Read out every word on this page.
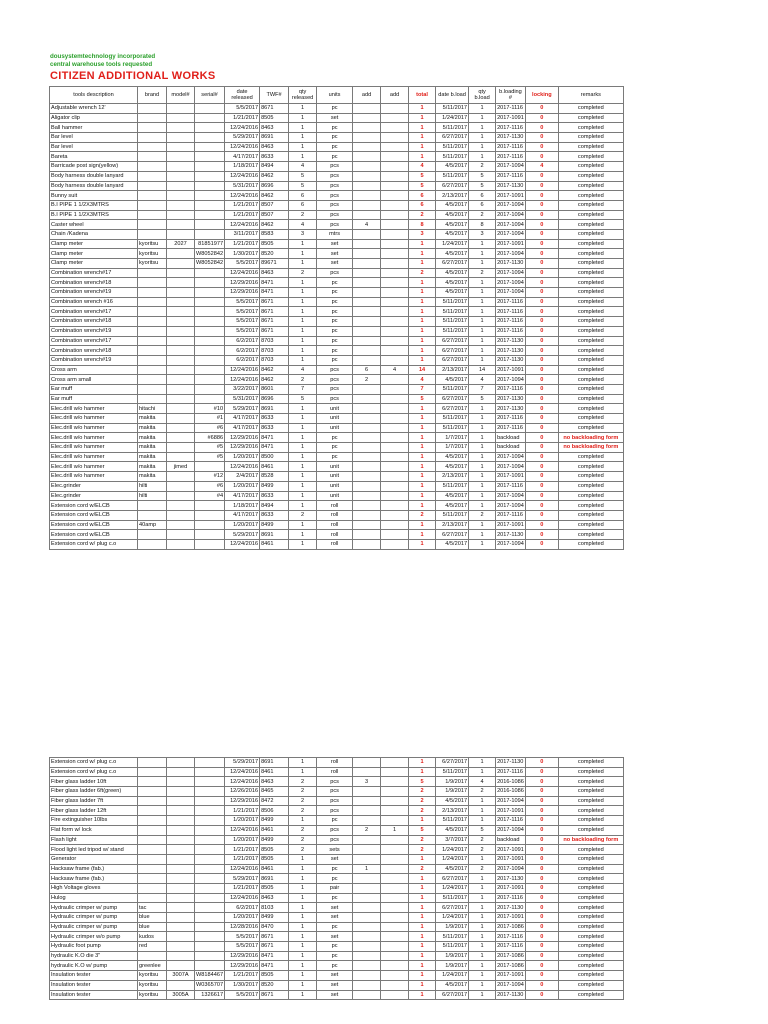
dousystemtechnology incorporated
central warehouse tools requested
CITIZEN ADDITIONAL WORKS
tools description	brand	model#	serial#	date released	TWF#	qty released	units	add	add	total	date b.load	qty b.load	b.loading #	locking	remarks
Adjustable wrench 12'				5/5/2017	8671	1	pc			1	5/11/2017	1	2017-1116	0	completed
Aligator clip				1/21/2017	8505	1	set			1	1/24/2017	1	2017-1091	0	completed
Ball hammer				12/24/2016	8463	1	pc			1	5/11/2017	1	2017-1116	0	completed
Bar level				5/29/2017	8691	1	pc			1	6/27/2017	1	2017-1130	0	completed
Bar level				12/24/2016	8463	1	pc			1	5/11/2017	1	2017-1116	0	completed
Bareta				4/17/2017	8633	1	pc			1	5/11/2017	1	2017-1116	0	completed
Barricade post sign(yellow)				1/18/2017	8494	4	pcs			4	4/5/2017	2	2017-1094	4	completed
Body harness double lanyard				12/24/2016	8462	5	pcs			5	5/11/2017	5	2017-1116	0	completed
Body harness double lanyard				5/31/2017	8696	5	pcs			5	6/27/2017	5	2017-1130	0	completed
Bunny suit				12/24/2016	8462	6	pcs			6	2/13/2017	6	2017-1091	0	completed
B.I PIPE 1 1/2X3MTRS				1/21/2017	8507	6	pcs			6	4/5/2017	6	2017-1094	0	completed
B.I PIPE 1 1/2X3MTRS				1/21/2017	8507	2	pcs			2	4/5/2017	2	2017-1094	0	completed
Caster wheel				12/24/2016	8462	4	pcs	4		8	4/5/2017	8	2017-1094	0	completed
Chain /Kadena				3/11/2017	8583	3	mtrs			3	4/5/2017	3	2017-1094	0	completed
Clamp meter	kyoritsu	2027	81851977	1/21/2017	8505	1	set			1	1/24/2017	1	2017-1091	0	completed
Clamp meter	kyoritsu		W8052842	1/30/2017	8520	1	set			1	4/5/2017	1	2017-1094	0	completed
Clamp meter	kyoritsu		W8052842	5/5/2017	89671	1	set			1	6/27/2017	1	2017-1130	0	completed
Combination wrench#17				12/24/2016	8463	2	pcs			2	4/5/2017	2	2017-1094	0	completed
Combination wrench#18				12/29/2016	8471	1	pc			1	4/5/2017	1	2017-1094	0	completed
Combination wrench#19				12/29/2016	8471	1	pc			1	4/5/2017	1	2017-1094	0	completed
Combination wrench #16				5/5/2017	8671	1	pc			1	5/11/2017	1	2017-1116	0	completed
Combination wrench#17				5/5/2017	8671	1	pc			1	5/11/2017	1	2017-1116	0	completed
Combination wrench#18				5/5/2017	8671	1	pc			1	5/11/2017	1	2017-1116	0	completed
Combination wrench#19				5/5/2017	8671	1	pc			1	5/11/2017	1	2017-1116	0	completed
Combination wrench#17				6/2/2017	8703	1	pc			1	6/27/2017	1	2017-1130	0	completed
Combination wrench#18				6/2/2017	8703	1	pc			1	6/27/2017	1	2017-1130	0	completed
Combination wrench#19				6/2/2017	8703	1	pc			1	6/27/2017	1	2017-1130	0	completed
Cross arm				12/24/2016	8462	4	pcs	6	4	14	2/13/2017	14	2017-1091	0	completed
Cross arm small				12/24/2016	8462	2	pcs	2		4	4/5/2017	4	2017-1094	0	completed
Ear muff				3/22/2017	8601	7	pcs			7	5/11/2017	7	2017-1116	0	completed
Ear muff				5/31/2017	8696	5	pcs			5	6/27/2017	5	2017-1130	0	completed
Elec.drill w/o hammer	hitachi		#10	5/29/2017	8691	1	unit			1	6/27/2017	1	2017-1130	0	completed
Elec.drill w/o hammer	makita		#1	4/17/2017	8633	1	unit			1	5/11/2017	1	2017-1116	0	completed
Elec.drill w/o hammer	makita		#6	4/17/2017	8633	1	unit			1	5/11/2017	1	2017-1116	0	completed
Elec.drill w/o hammer	makita		#6886	12/29/2016	8471	1	pc			1	1/7/2017	1	backload	0	no backloading form
Elec.drill w/o hammer	makita		#5	12/29/2016	8471	1	pc			1	1/7/2017	1	backload	0	no backloading form
Elec.drill w/o hammer	makita		#5	1/20/2017	8500	1	pc			1	4/5/2017	1	2017-1094	0	completed
Elec.drill w/o hammer	makita	jimed		12/24/2016	8461	1	unit			1	4/5/2017	1	2017-1094	0	completed
Elec.drill w/o hammer	makita		#12	2/4/2017	8528	1	unit			1	2/13/2017	1	2017-1091	0	completed
Elec.grinder	hilti		#6	1/20/2017	8499	1	unit			1	5/11/2017	1	2017-1116	0	completed
Elec.grinder	hilti		#4	4/17/2017	8633	1	unit			1	4/5/2017	1	2017-1094	0	completed
Extension cord w/ELCB				1/18/2017	8494	1	roll			1	4/5/2017	1	2017-1094	0	completed
Extension cord w/ELCB				4/17/2017	8633	2	roll			2	5/11/2017	2	2017-1116	0	completed
Extension cord w/ELCB	40amp			1/20/2017	8499	1	roll			1	2/13/2017	1	2017-1091	0	completed
Extension cord w/ELCB				5/29/2017	8691	1	roll			1	6/27/2017	1	2017-1130	0	completed
Extension cord w/ plug c.o				12/24/2016	8461	1	roll			1	4/5/2017	1	2017-1094	0	completed
Extension cord w/ plug c.o				5/29/2017	8691	1	roll			1	6/27/2017	1	2017-1130	0	completed
Extension cord w/ plug c.o				12/24/2016	8461	1	roll			1	5/11/2017	1	2017-1116	0	completed
Fiber glass ladder 10ft				12/24/2016	8463	2	pcs	3		5	1/9/2017	4	2016-1086	0	completed
Fiber glass ladder 6ft(green)				12/26/2016	8465	2	pcs			2	1/9/2017	2	2016-1086	0	completed
Fiber glass ladder 7ft				12/29/2016	8472	2	pcs			2	4/5/2017	1	2017-1094	0	completed
Fiber glass ladder 12ft				1/21/2017	8506	2	pcs			2	2/13/2017	1	2017-1091	0	completed
Fire extinguisher 10lbs				1/20/2017	8499	1	pc			1	5/11/2017	1	2017-1116	0	completed
Flat form w/ lock				12/24/2016	8461	2	pcs	2	1	5	4/5/2017	5	2017-1094	0	completed
Flash light				1/20/2017	8499	2	pcs			2	3/7/2017	2	backload	0	no backloading form
Flood light led tripod w/ stand				1/21/2017	8505	2	sets			2	1/24/2017	2	2017-1091	0	completed
Generator				1/21/2017	8505	1	set			1	1/24/2017	1	2017-1091	0	completed
Hacksaw frame (fab.)				12/24/2016	8461	1	pc	1		2	4/5/2017	2	2017-1094	0	completed
Hacksaw frame (fab.)				5/29/2017	8691	1	pc			1	6/27/2017	1	2017-1130	0	completed
High Voltage gloves				1/21/2017	8505	1	pair			1	1/24/2017	1	2017-1091	0	completed
Hulog				12/24/2016	8463	1	pc			1	5/11/2017	1	2017-1116	0	completed
Hydraulic crimper w/ pump	tac			6/2/2017	8103	1	set			1	6/27/2017	1	2017-1130	0	completed
Hydraulic crimper w/ pump	blue			1/20/2017	8499	1	set			1	1/24/2017	1	2017-1091	0	completed
Hydraulic crimper w/ pump	blue			12/28/2016	8470	1	pc			1	1/9/2017	1	2017-1086	0	completed
Hydraulic crimper w/o pump	kudos			5/5/2017	8671	1	set			1	5/11/2017	1	2017-1116	0	completed
Hydraulic foot pump	red			5/5/2017	8671	1	pc			1	5/11/2017	1	2017-1116	0	completed
hydraulic K.O die 3"				12/29/2016	8471	1	pc			1	1/9/2017	1	2017-1086	0	completed
hydraulic K.O w/ pump	greenlee			12/29/2016	8471	1	pc			1	1/9/2017	1	2017-1086	0	completed
Insulation tester	kyoritsu	3007A	W8184467	1/21/2017	8505	1	set			1	1/24/2017	1	2017-1091	0	completed
Insulation tester	kyoritsu		W0365707	1/30/2017	8520	1	set			1	4/5/2017	1	2017-1094	0	completed
Insulation tester	kyoritsu	3005A	1326617	5/5/2017	8671	1	set			1	6/27/2017	1	2017-1130	0	completed
